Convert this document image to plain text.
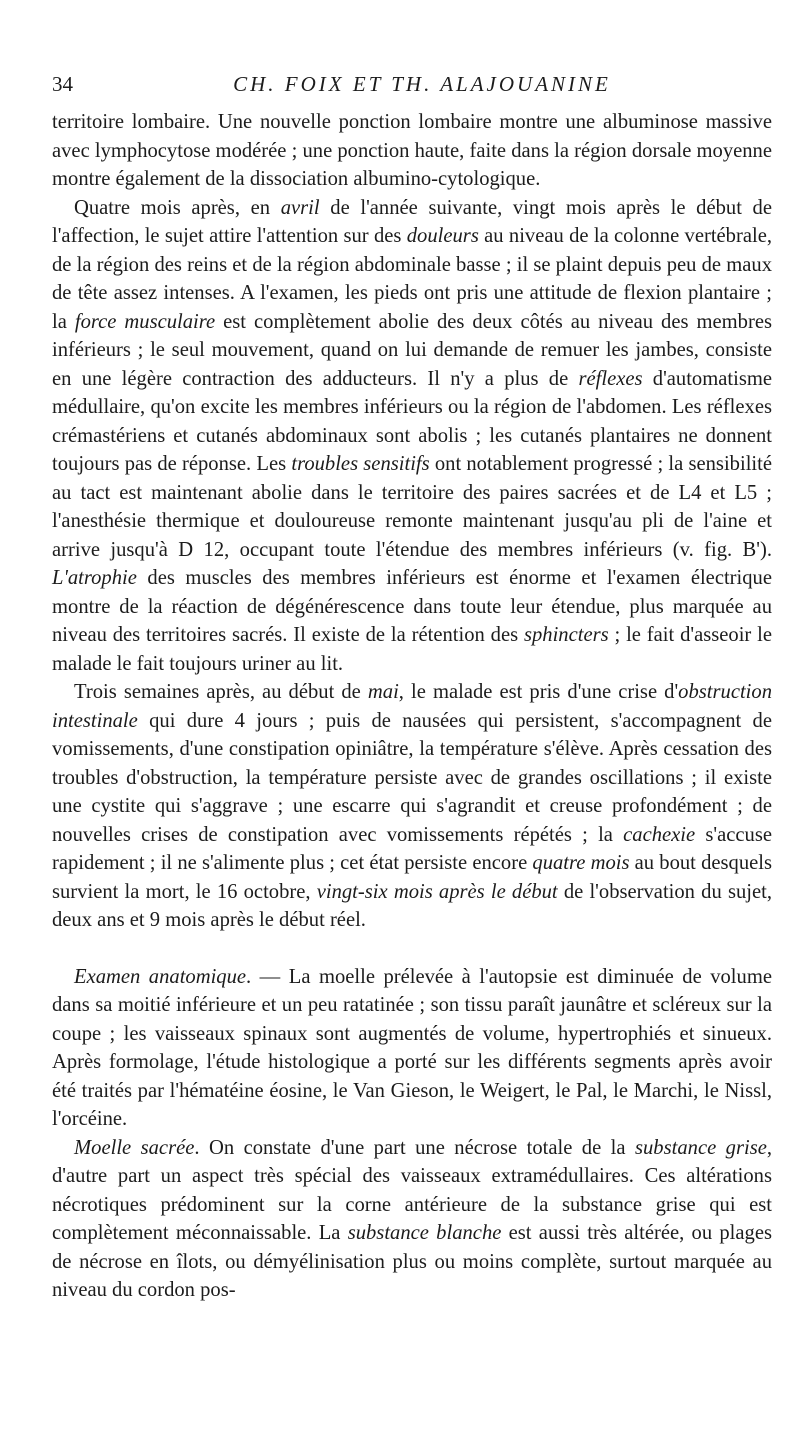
34	CH. FOIX ET TH. ALAJOUANINE

territoire lombaire. Une nouvelle ponction lombaire montre une albuminose massive avec lymphocytose modérée ; une ponction haute, faite dans la région dorsale moyenne montre également de la dissociation albumino-cytologique.

Quatre mois après, en avril de l'année suivante, vingt mois après le début de l'affection, le sujet attire l'attention sur des douleurs au niveau de la colonne vertébrale, de la région des reins et de la région abdominale basse ; il se plaint depuis peu de maux de tête assez intenses. A l'examen, les pieds ont pris une attitude de flexion plantaire ; la force musculaire est complètement abolie des deux côtés au niveau des membres inférieurs ; le seul mouvement, quand on lui demande de remuer les jambes, consiste en une légère contraction des adducteurs. Il n'y a plus de réflexes d'automatisme médullaire, qu'on excite les membres inférieurs ou la région de l'abdomen. Les réflexes crémastériens et cutanés abdominaux sont abolis ; les cutanés plantaires ne donnent toujours pas de réponse. Les troubles sensitifs ont notablement progressé ; la sensibilité au tact est maintenant abolie dans le territoire des paires sacrées et de L4 et L5 ; l'anesthésie thermique et douloureuse remonte maintenant jusqu'au pli de l'aine et arrive jusqu'à D 12, occupant toute l'étendue des membres inférieurs (v. fig. B'). L'atrophie des muscles des membres inférieurs est énorme et l'examen électrique montre de la réaction de dégénérescence dans toute leur étendue, plus marquée au niveau des territoires sacrés. Il existe de la rétention des sphincters ; le fait d'asseoir le malade le fait toujours uriner au lit.

Trois semaines après, au début de mai, le malade est pris d'une crise d'obstruction intestinale qui dure 4 jours ; puis de nausées qui persistent, s'accompagnent de vomissements, d'une constipation opiniâtre, la température s'élève. Après cessation des troubles d'obstruction, la température persiste avec de grandes oscillations ; il existe une cystite qui s'aggrave ; une escarre qui s'agrandit et creuse profondément ; de nouvelles crises de constipation avec vomissements répétés ; la cachexie s'accuse rapidement ; il ne s'alimente plus ; cet état persiste encore quatre mois au bout desquels survient la mort, le 16 octobre, vingt-six mois après le début de l'observation du sujet, deux ans et 9 mois après le début réel.

Examen anatomique. — La moelle prélevée à l'autopsie est diminuée de volume dans sa moitié inférieure et un peu ratatinée ; son tissu paraît jaunâtre et scléreux sur la coupe ; les vaisseaux spinaux sont augmentés de volume, hypertrophiés et sinueux. Après formolage, l'étude histologique a porté sur les différents segments après avoir été traités par l'hématéine éosine, le Van Gieson, le Weigert, le Pal, le Marchi, le Nissl, l'orcéine.

Moelle sacrée. On constate d'une part une nécrose totale de la substance grise, d'autre part un aspect très spécial des vaisseaux extramédullaires. Ces altérations nécrotiques prédominent sur la corne antérieure de la substance grise qui est complètement méconnaissable. La substance blanche est aussi très altérée, ou plages de nécrose en îlots, ou démyélinisation plus ou moins complète, surtout marquée au niveau du cordon pos-
